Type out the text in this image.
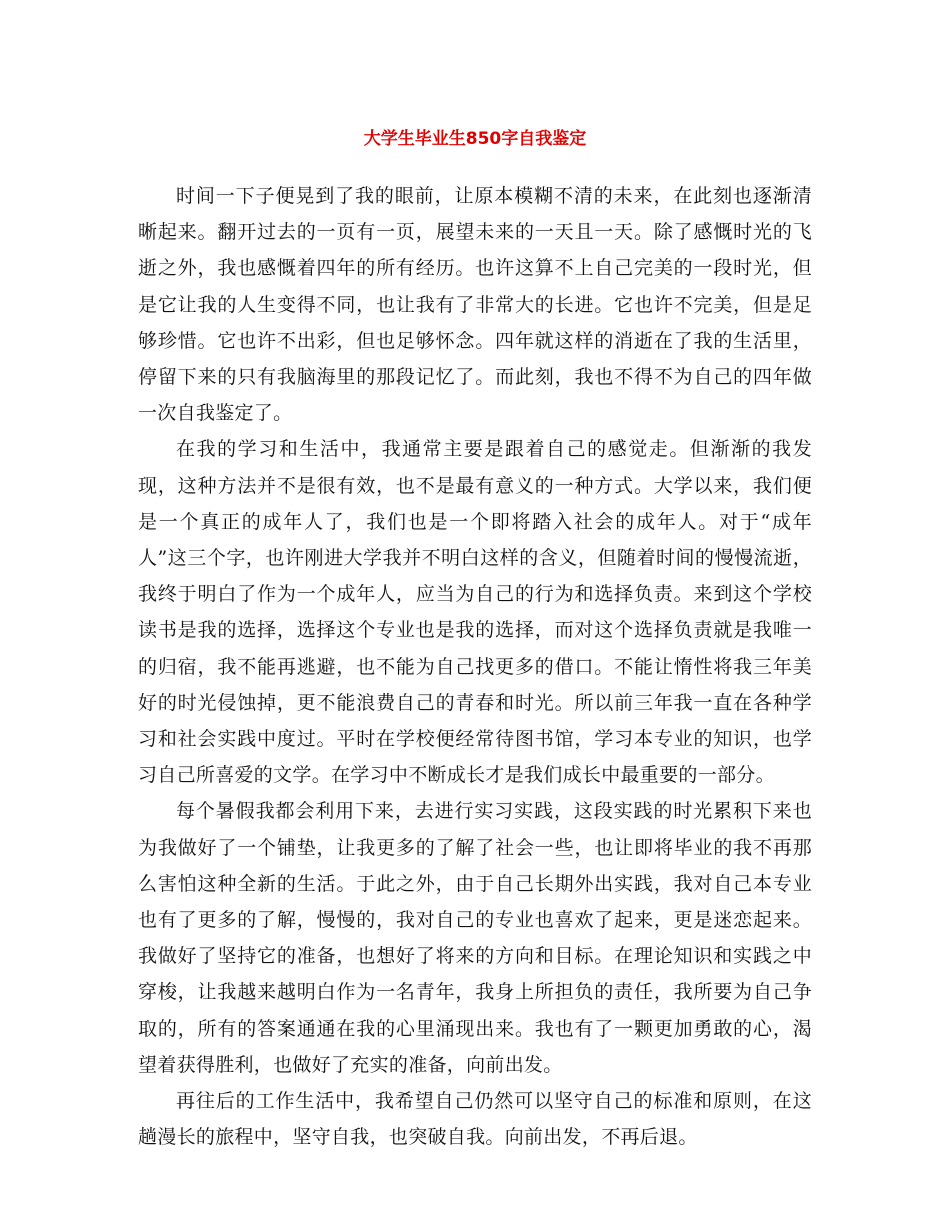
大学生毕业生850字自我鉴定

时间一下子便晃到了我的眼前，让原本模糊不清的未来，在此刻也逐渐清晰起来。翻开过去的一页有一页，展望未来的一天且一天。除了感慨时光的飞逝之外，我也感慨着四年的所有经历。也许这算不上自己完美的一段时光，但是它让我的人生变得不同，也让我有了非常大的长进。它也许不完美，但是足够珍惜。它也许不出彩，但也足够怀念。四年就这样的消逝在了我的生活里，停留下来的只有我脑海里的那段记忆了。而此刻，我也不得不为自己的四年做一次自我鉴定了。

在我的学习和生活中，我通常主要是跟着自己的感觉走。但渐渐的我发现，这种方法并不是很有效，也不是最有意义的一种方式。大学以来，我们便是一个真正的成年人了，我们也是一个即将踏入社会的成年人。对于“成年人”这三个字，也许刚进大学我并不明白这样的含义，但随着时间的慢慢流逝，我终于明白了作为一个成年人，应当为自己的行为和选择负责。来到这个学校读书是我的选择，选择这个专业也是我的选择，而对这个选择负责就是我唯一的归宿，我不能再逃避，也不能为自己找更多的借口。不能让惰性将我三年美好的时光侵蚀掉，更不能浪费自己的青春和时光。所以前三年我一直在各种学习和社会实践中度过。平时在学校便经常待图书馆，学习本专业的知识，也学习自己所喜爱的文学。在学习中不断成长才是我们成长中最重要的一部分。

每个暑假我都会利用下来，去进行实习实践，这段实践的时光累积下来也为我做好了一个铺垫，让我更多的了解了社会一些，也让即将毕业的我不再那么害怕这种全新的生活。于此之外，由于自己长期外出实践，我对自己本专业也有了更多的了解，慢慢的，我对自己的专业也喜欢了起来，更是迷恋起来。我做好了坚持它的准备，也想好了将来的方向和目标。在理论知识和实践之中穿梭，让我越来越明白作为一名青年，我身上所担负的责任，我所要为自己争取的，所有的答案通通在我的心里涌现出来。我也有了一颗更加勇敢的心，渴望着获得胜利，也做好了充实的准备，向前出发。

再往后的工作生活中，我希望自己仍然可以坚守自己的标准和原则，在这趟漫长的旅程中，坚守自我，也突破自我。向前出发，不再后退。
